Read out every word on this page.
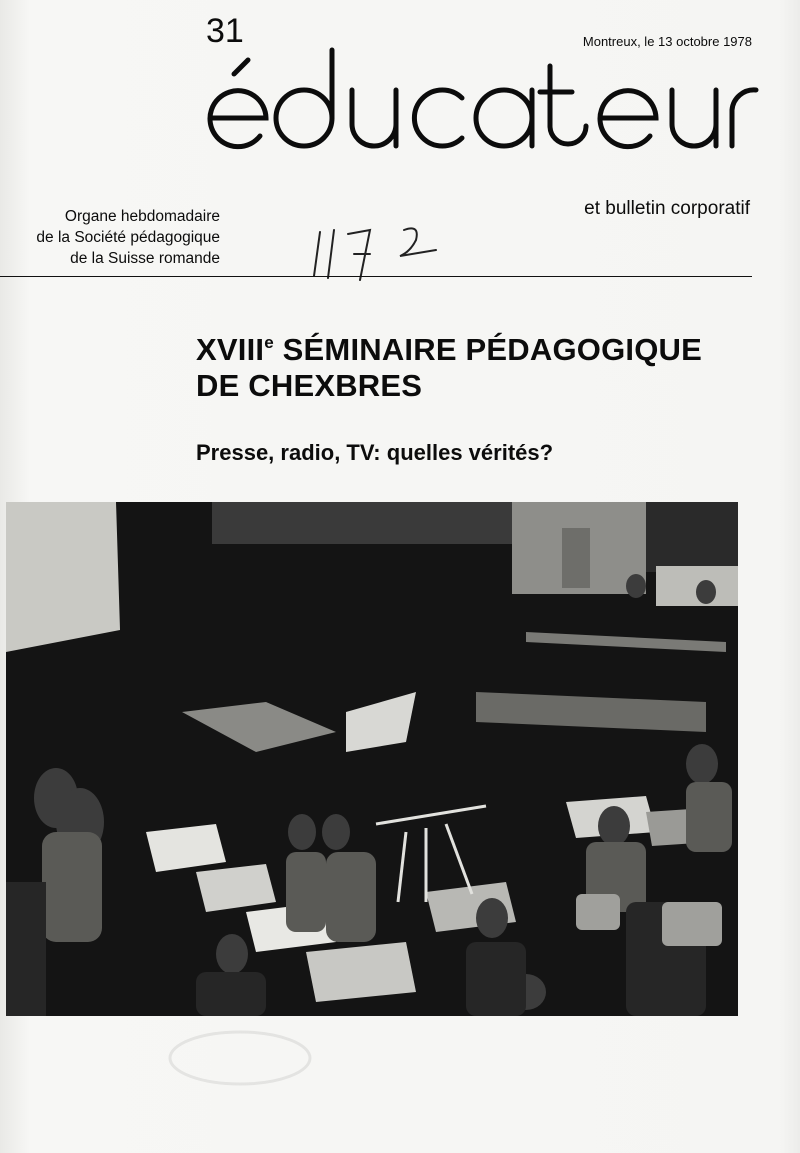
31	Montreux, le 13 octobre 1978
Organe hebdomadaire
de la Société pédagogique
de la Suisse romande
et bulletin corporatif
XVIIIe SÉMINAIRE PÉDAGOGIQUE
DE CHEXBRES
Presse, radio, TV: quelles vérités?
